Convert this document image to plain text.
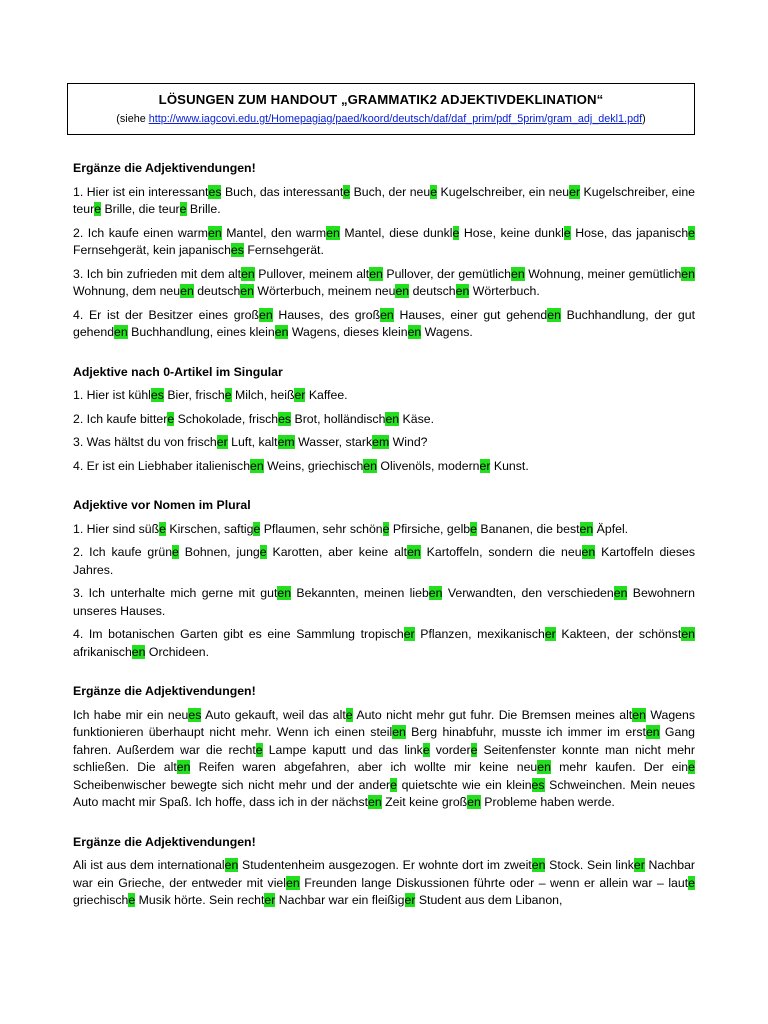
LÖSUNGEN ZUM HANDOUT „GRAMMATIK2 ADJEKTIVDEKLINATION“
(siehe http://www.iagcovi.edu.gt/Homepagiag/paed/koord/deutsch/daf/daf_prim/pdf_5prim/gram_adj_dekl1.pdf)
Ergänze die Adjektivendungen!
1. Hier ist ein interessantes Buch, das interessante Buch, der neue Kugelschreiber, ein neuer Kugelschreiber, eine teure Brille, die teure Brille.
2. Ich kaufe einen warmen Mantel, den warmen Mantel, diese dunkle Hose, keine dunkle Hose, das japanische Fernsehgerät, kein japanisches Fernsehgerät.
3. Ich bin zufrieden mit dem alten Pullover, meinem alten Pullover, der gemütlichen Wohnung, meiner gemütlichen Wohnung, dem neuen deutschen Wörterbuch, meinem neuen deutschen Wörterbuch.
4. Er ist der Besitzer eines großen Hauses, des großen Hauses, einer gut gehenden Buchhandlung, der gut gehenden Buchhandlung, eines kleinen Wagens, dieses kleinen Wagens.
Adjektive nach 0-Artikel im Singular
1. Hier ist kühles Bier, frische Milch, heißer Kaffee.
2. Ich kaufe bittere Schokolade, frisches Brot, holländischen Käse.
3. Was hältst du von frischer Luft, kaltem Wasser, starkem Wind?
4. Er ist ein Liebhaber italienischen Weins, griechischen Olivenöls, moderner Kunst.
Adjektive vor Nomen im Plural
1. Hier sind süße Kirschen, saftige Pflaumen, sehr schöne Pfirsiche, gelbe Bananen, die besten Äpfel.
2. Ich kaufe grüne Bohnen, junge Karotten, aber keine alten Kartoffeln, sondern die neuen Kartoffeln dieses Jahres.
3. Ich unterhalte mich gerne mit guten Bekannten, meinen lieben Verwandten, den verschiedenen Bewohnern unseres Hauses.
4. Im botanischen Garten gibt es eine Sammlung tropischer Pflanzen, mexikanischer Kakteen, der schönsten afrikanischen Orchideen.
Ergänze die Adjektivendungen!
Ich habe mir ein neues Auto gekauft, weil das alte Auto nicht mehr gut fuhr. Die Bremsen meines alten Wagens funktionieren überhaupt nicht mehr. Wenn ich einen steilen Berg hinabfuhr, musste ich immer im ersten Gang fahren. Außerdem war die rechte Lampe kaputt und das linke vordere Seitenfenster konnte man nicht mehr schließen. Die alten Reifen waren abgefahren, aber ich wollte mir keine neuen mehr kaufen. Der eine Scheibenwischer bewegte sich nicht mehr und der andere quietschte wie ein kleines Schweinchen. Mein neues Auto macht mir Spaß. Ich hoffe, dass ich in der nächsten Zeit keine großen Probleme haben werde.
Ergänze die Adjektivendungen!
Ali ist aus dem internationalen Studentenheim ausgezogen. Er wohnte dort im zweiten Stock. Sein linker Nachbar war ein Grieche, der entweder mit vielen Freunden lange Diskussionen führte oder – wenn er allein war – laute griechische Musik hörte. Sein rechter Nachbar war ein fleißiger Student aus dem Libanon,
